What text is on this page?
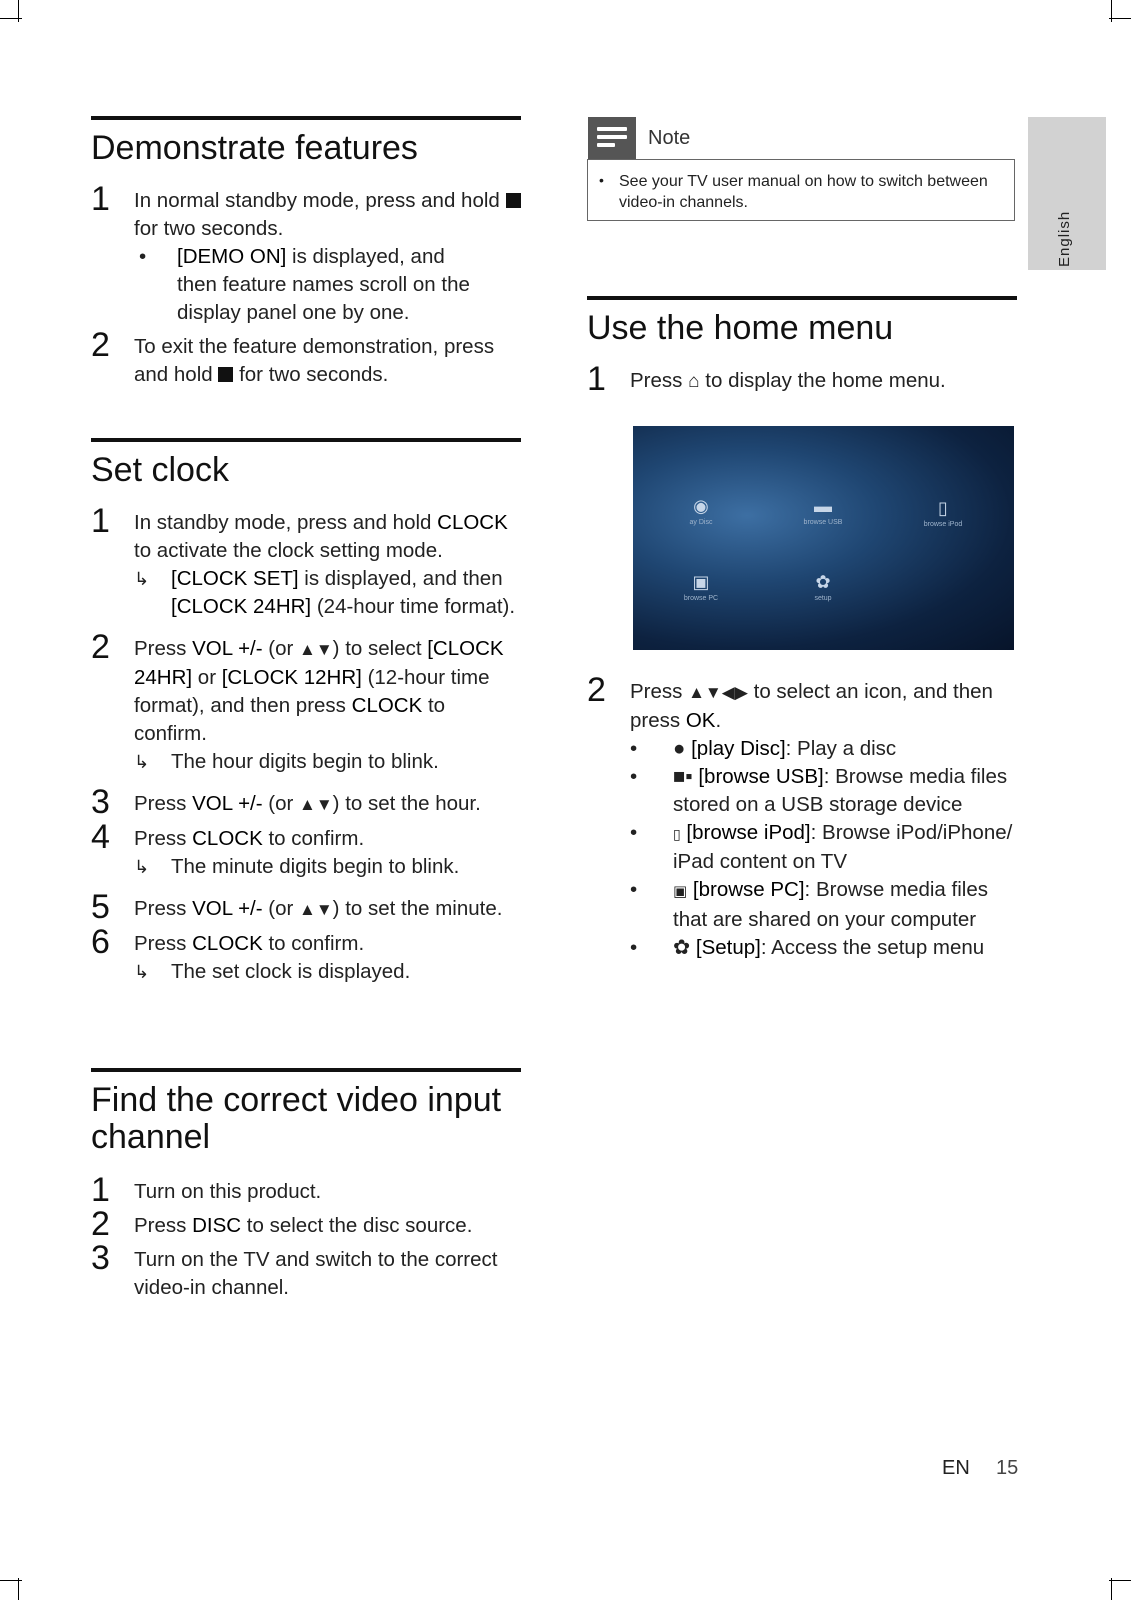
Demonstrate features
1 In normal standby mode, press and hold  for two seconds.
• [DEMO ON] is displayed, and then feature names scroll on the display panel one by one.
2 To exit the feature demonstration, press and hold for two seconds.
Set clock
1 In standby mode, press and hold CLOCK to activate the clock setting mode.
↳ [CLOCK SET] is displayed, and then [CLOCK 24HR] (24-hour time format).
2 Press VOL +/- (or ▲▼) to select [CLOCK 24HR] or [CLOCK 12HR] (12-hour time format), and then press CLOCK to confirm.
↳ The hour digits begin to blink.
3 Press VOL +/- (or ▲▼) to set the hour.
4 Press CLOCK to confirm.
↳ The minute digits begin to blink.
5 Press VOL +/- (or ▲▼) to set the minute.
6 Press CLOCK to confirm.
↳ The set clock is displayed.
Find the correct video input channel
1 Turn on this product.
2 Press DISC to select the disc source.
3 Turn on the TV and switch to the correct video-in channel.
Note
• See your TV user manual on how to switch between video-in channels.
English
Use the home menu
1 Press ⌂ to display the home menu.
◉
ay Disc
▬
browse USB
▯
browse iPod
▣
browse PC
✿
setup
2 Press ▲▼◀▶ to select an icon, and then press OK.
• ● [play Disc]: Play a disc
• ■▪ [browse USB]: Browse media files stored on a USB storage device
•	▯ [browse iPod]: Browse iPod/iPhone/ iPad content on TV
• ▣ [browse PC]: Browse media files that are shared on your computer
• ✿ [Setup]: Access the setup menu
EN 15
